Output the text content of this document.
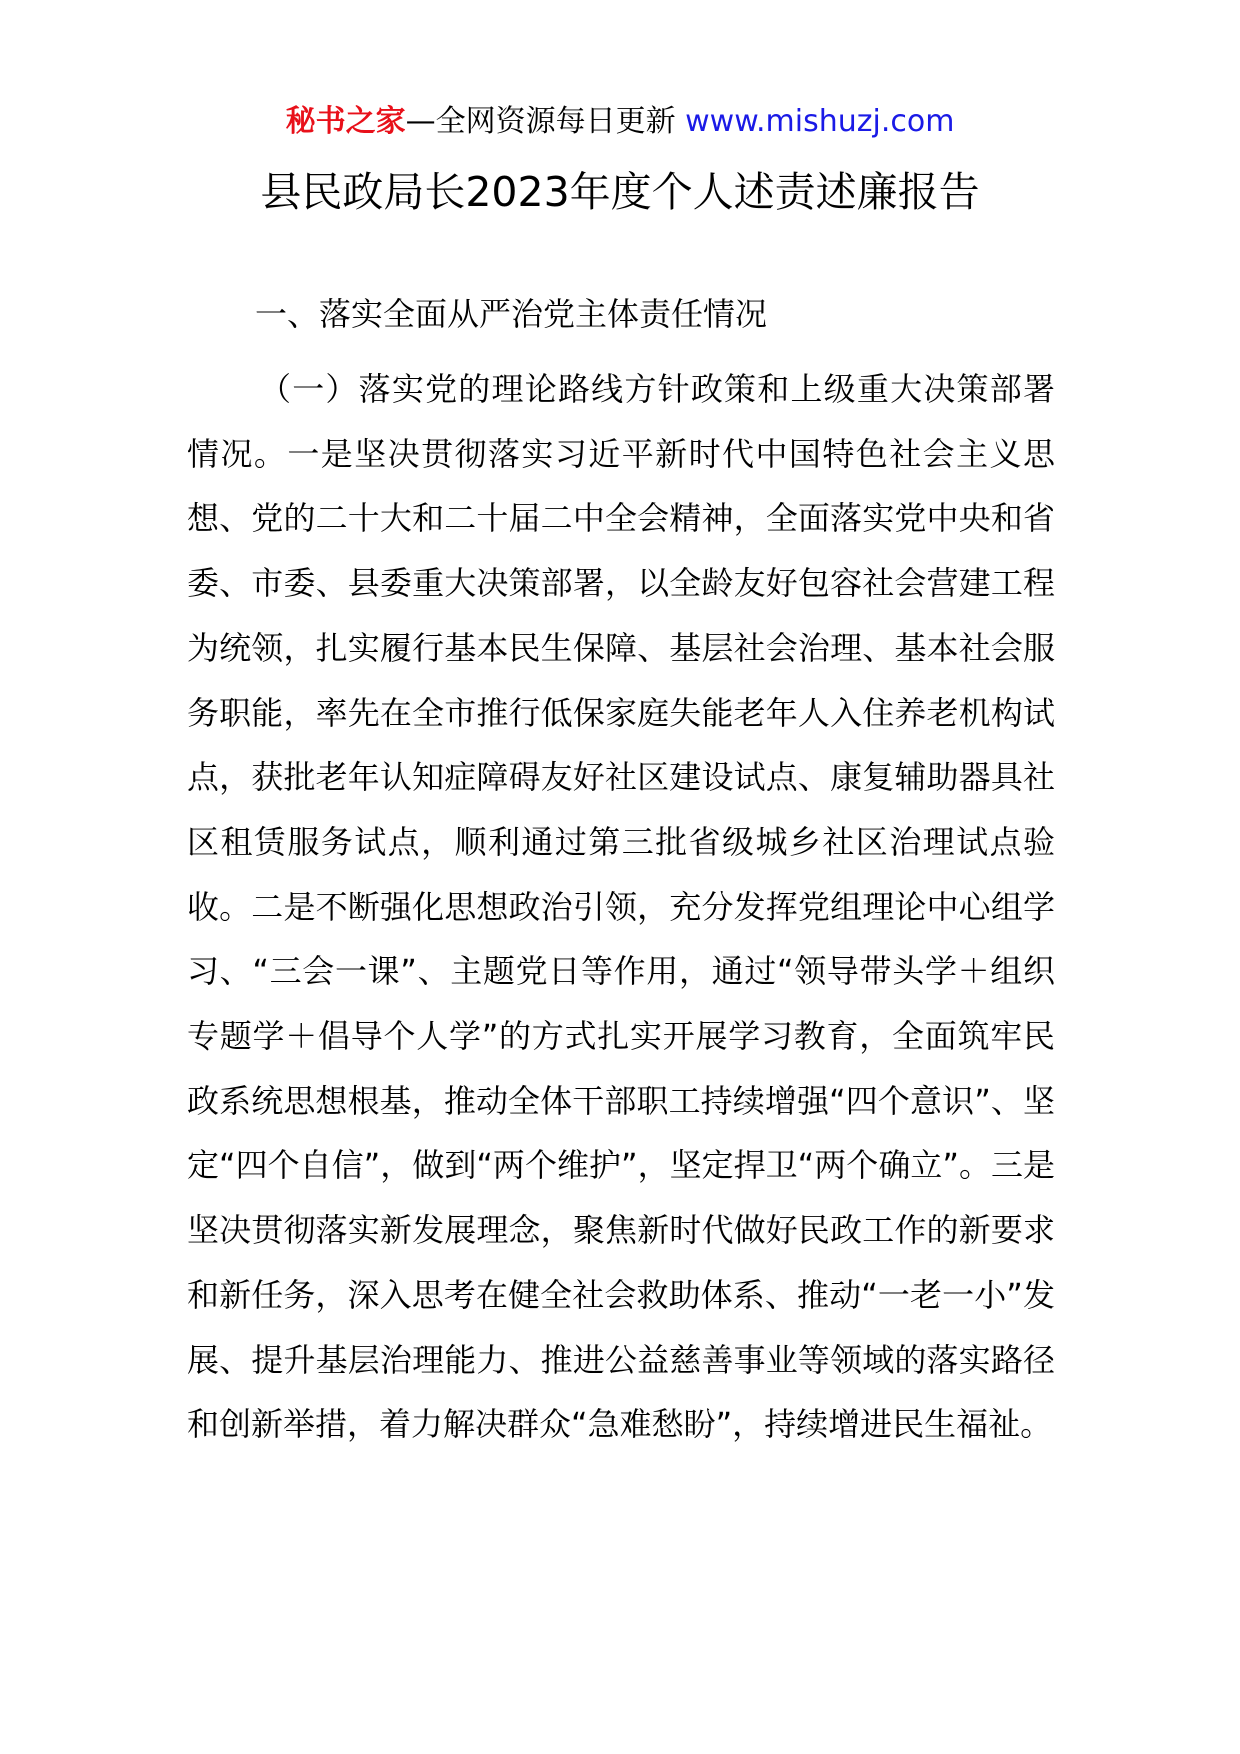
秘书之家—全网资源每日更新 www.mishuzj.com
县民政局长2023年度个人述责述廉报告
一、落实全面从严治党主体责任情况

（一）落实党的理论路线方针政策和上级重大决策部署情况。一是坚决贯彻落实习近平新时代中国特色社会主义思想、党的二十大和二十届二中全会精神，全面落实党中央和省委、市委、县委重大决策部署，以全龄友好包容社会营建工程为统领，扎实履行基本民生保障、基层社会治理、基本社会服务职能，率先在全市推行低保家庭失能老年人入住养老机构试点，获批老年认知症障碍友好社区建设试点、康复辅助器具社区租赁服务试点，顺利通过第三批省级城乡社区治理试点验收。二是不断强化思想政治引领，充分发挥党组理论中心组学习、“三会一课”、主题党日等作用，通过“领导带头学＋组织专题学＋倡导个人学”的方式扎实开展学习教育，全面筑牢民政系统思想根基，推动全体干部职工持续增强“四个意识”、坚定“四个自信”，做到“两个维护”，坚定捍卫“两个确立”。三是坚决贯彻落实新发展理念，聚焦新时代做好民政工作的新要求和新任务，深入思考在健全社会救助体系、推动“一老一小”发展、提升基层治理能力、推进公益慈善事业等领域的落实路径和创新举措，着力解决群众“急难愁盼”，持续增进民生福祉。
